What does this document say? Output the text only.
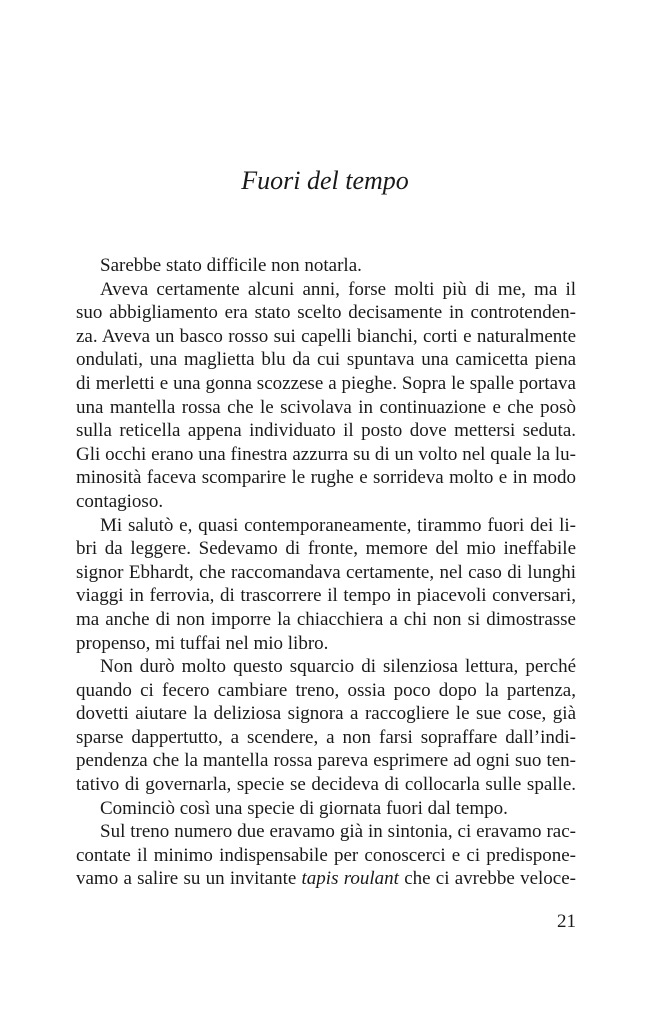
Fuori del tempo
Sarebbe stato difficile non notarla.
Aveva certamente alcuni anni, forse molti più di me, ma il
suo abbigliamento era stato scelto decisamente in controtenden-
za. Aveva un basco rosso sui capelli bianchi, corti e naturalmente
ondulati, una maglietta blu da cui spuntava una camicetta piena
di merletti e una gonna scozzese a pieghe. Sopra le spalle portava
una mantella rossa che le scivolava in continuazione e che posò
sulla reticella appena individuato il posto dove mettersi seduta.
Gli occhi erano una finestra azzurra su di un volto nel quale la lu-
minosità faceva scomparire le rughe e sorrideva molto e in modo
contagioso.
Mi salutò e, quasi contemporaneamente, tirammo fuori dei li-
bri da leggere. Sedevamo di fronte, memore del mio ineffabile
signor Ebhardt, che raccomandava certamente, nel caso di lunghi
viaggi in ferrovia, di trascorrere il tempo in piacevoli conversari,
ma anche di non imporre la chiacchiera a chi non si dimostrasse
propenso, mi tuffai nel mio libro.
Non durò molto questo squarcio di silenziosa lettura, perché
quando ci fecero cambiare treno, ossia poco dopo la partenza,
dovetti aiutare la deliziosa signora a raccogliere le sue cose, già
sparse dappertutto, a scendere, a non farsi sopraffare dall’indi-
pendenza che la mantella rossa pareva esprimere ad ogni suo ten-
tativo di governarla, specie se decideva di collocarla sulle spalle.
Cominciò così una specie di giornata fuori dal tempo.
Sul treno numero due eravamo già in sintonia, ci eravamo rac-
contate il minimo indispensabile per conoscerci e ci predispone-
vamo a salire su un invitante tapis roulant che ci avrebbe veloce-
21
